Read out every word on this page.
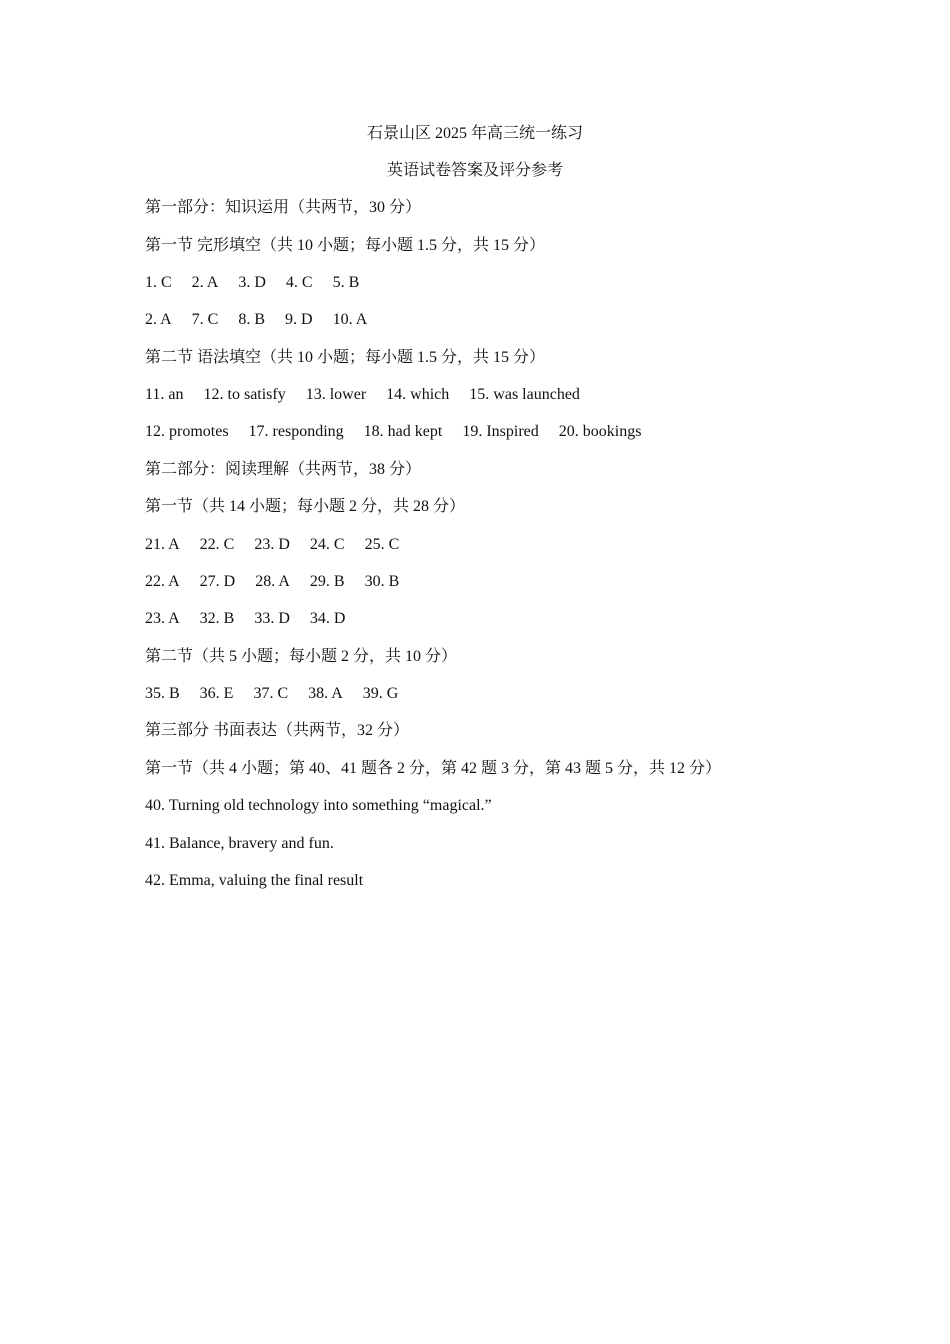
石景山区 2025 年高三统一练习
英语试卷答案及评分参考
第一部分：知识运用（共两节，30 分）
第一节 完形填空（共 10 小题；每小题 1.5 分，共 15 分）
1. C 2. A 3. D 4. C 5. B
2. A 7. C 8. B 9. D 10. A
第二节 语法填空（共 10 小题；每小题 1.5 分，共 15 分）
11. an 12. to satisfy 13. lower 14. which 15. was launched
12. promotes 17. responding 18. had kept 19. Inspired 20. bookings
第二部分：阅读理解（共两节，38 分）
第一节（共 14 小题；每小题 2 分，共 28 分）
21. A 22. C 23. D 24. C 25. C
22. A 27. D 28. A 29. B 30. B
23. A 32. B 33. D 34. D
第二节（共 5 小题；每小题 2 分，共 10 分）
35. B 36. E 37. C 38. A 39. G
第三部分 书面表达（共两节，32 分）
第一节（共 4 小题；第 40、41 题各 2 分，第 42 题 3 分，第 43 题 5 分，共 12 分）
40. Turning old technology into something “magical.”
41. Balance, bravery and fun.
42. Emma, valuing the final result
